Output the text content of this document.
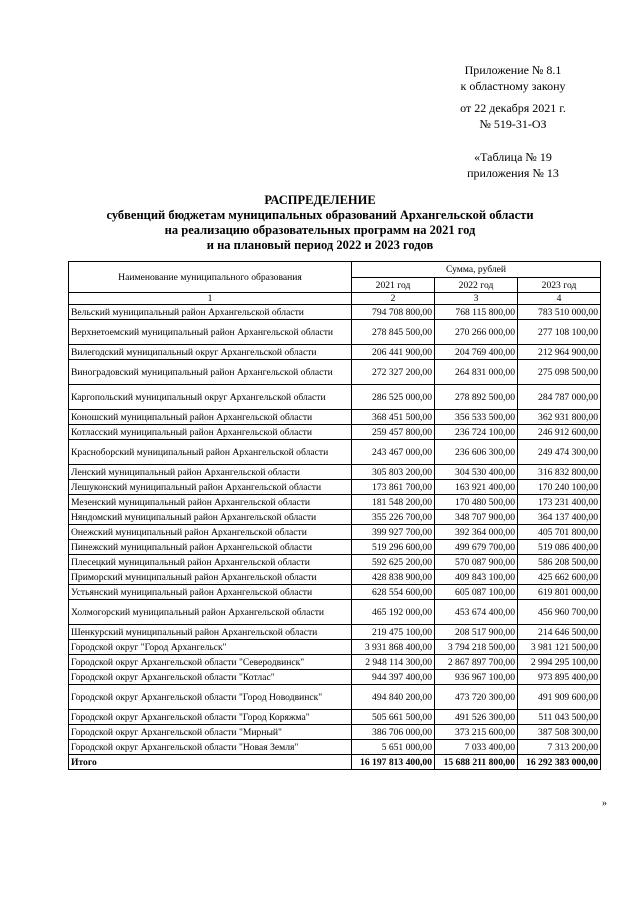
Приложение № 8.1
к областному закону
от 22 декабря 2021 г.
№ 519-31-ОЗ
«Таблица № 19
приложения № 13
РАСПРЕДЕЛЕНИЕ
субвенций бюджетам муниципальных образований Архангельской области
на реализацию образовательных программ на 2021 год
и на плановый период 2022 и 2023 годов
Наименование муниципального образования	Сумма, рублей		
	2021 год	2022 год	2023 год
1	2	3	4
Вельский муниципальный район Архангельской области	794 708 800,00	768 115 800,00	783 510 000,00
Верхнетоемский муниципальный район Архангельской области	278 845 500,00	270 266 000,00	277 108 100,00
Вилегодский муниципальный округ Архангельской области	206 441 900,00	204 769 400,00	212 964 900,00
Виноградовский муниципальный район Архангельской области	272 327 200,00	264 831 000,00	275 098 500,00
Каргопольский муниципальный округ Архангельской области	286 525 000,00	278 892 500,00	284 787 000,00
Коношский муниципальный район Архангельской области	368 451 500,00	356 533 500,00	362 931 800,00
Котласский муниципальный район Архангельской области	259 457 800,00	236 724 100,00	246 912 600,00
Красноборский муниципальный район Архангельской области	243 467 000,00	236 606 300,00	249 474 300,00
Ленский муниципальный район Архангельской области	305 803 200,00	304 530 400,00	316 832 800,00
Лешуконский муниципальный район Архангельской области	173 861 700,00	163 921 400,00	170 240 100,00
Мезенский муниципальный район Архангельской области	181 548 200,00	170 480 500,00	173 231 400,00
Няндомский муниципальный район Архангельской области	355 226 700,00	348 707 900,00	364 137 400,00
Онежский муниципальный район Архангельской области	399 927 700,00	392 364 000,00	405 701 800,00
Пинежский муниципальный район Архангельской области	519 296 600,00	499 679 700,00	519 086 400,00
Плесецкий муниципальный район Архангельской области	592 625 200,00	570 087 900,00	586 208 500,00
Приморский муниципальный район Архангельской области	428 838 900,00	409 843 100,00	425 662 600,00
Устьянский муниципальный район Архангельской области	628 554 600,00	605 087 100,00	619 801 000,00
Холмогорский муниципальный район Архангельской области	465 192 000,00	453 674 400,00	456 960 700,00
Шенкурский муниципальный район Архангельской области	219 475 100,00	208 517 900,00	214 646 500,00
Городской округ "Город Архангельск"	3 931 868 400,00	3 794 218 500,00	3 981 121 500,00
Городской округ Архангельской области "Северодвинск"	2 948 114 300,00	2 867 897 700,00	2 994 295 100,00
Городской округ Архангельской области "Котлас"	944 397 400,00	936 967 100,00	973 895 400,00
Городской округ Архангельской области "Город Новодвинск"	494 840 200,00	473 720 300,00	491 909 600,00
Городской округ Архангельской области "Город Коряжма"	505 661 500,00	491 526 300,00	511 043 500,00
Городской округ Архангельской области "Мирный"	386 706 000,00	373 215 600,00	387 508 300,00
Городской округ Архангельской области "Новая Земля"	5 651 000,00	7 033 400,00	7 313 200,00
Итого	16 197 813 400,00	15 688 211 800,00	16 292 383 000,00
»
